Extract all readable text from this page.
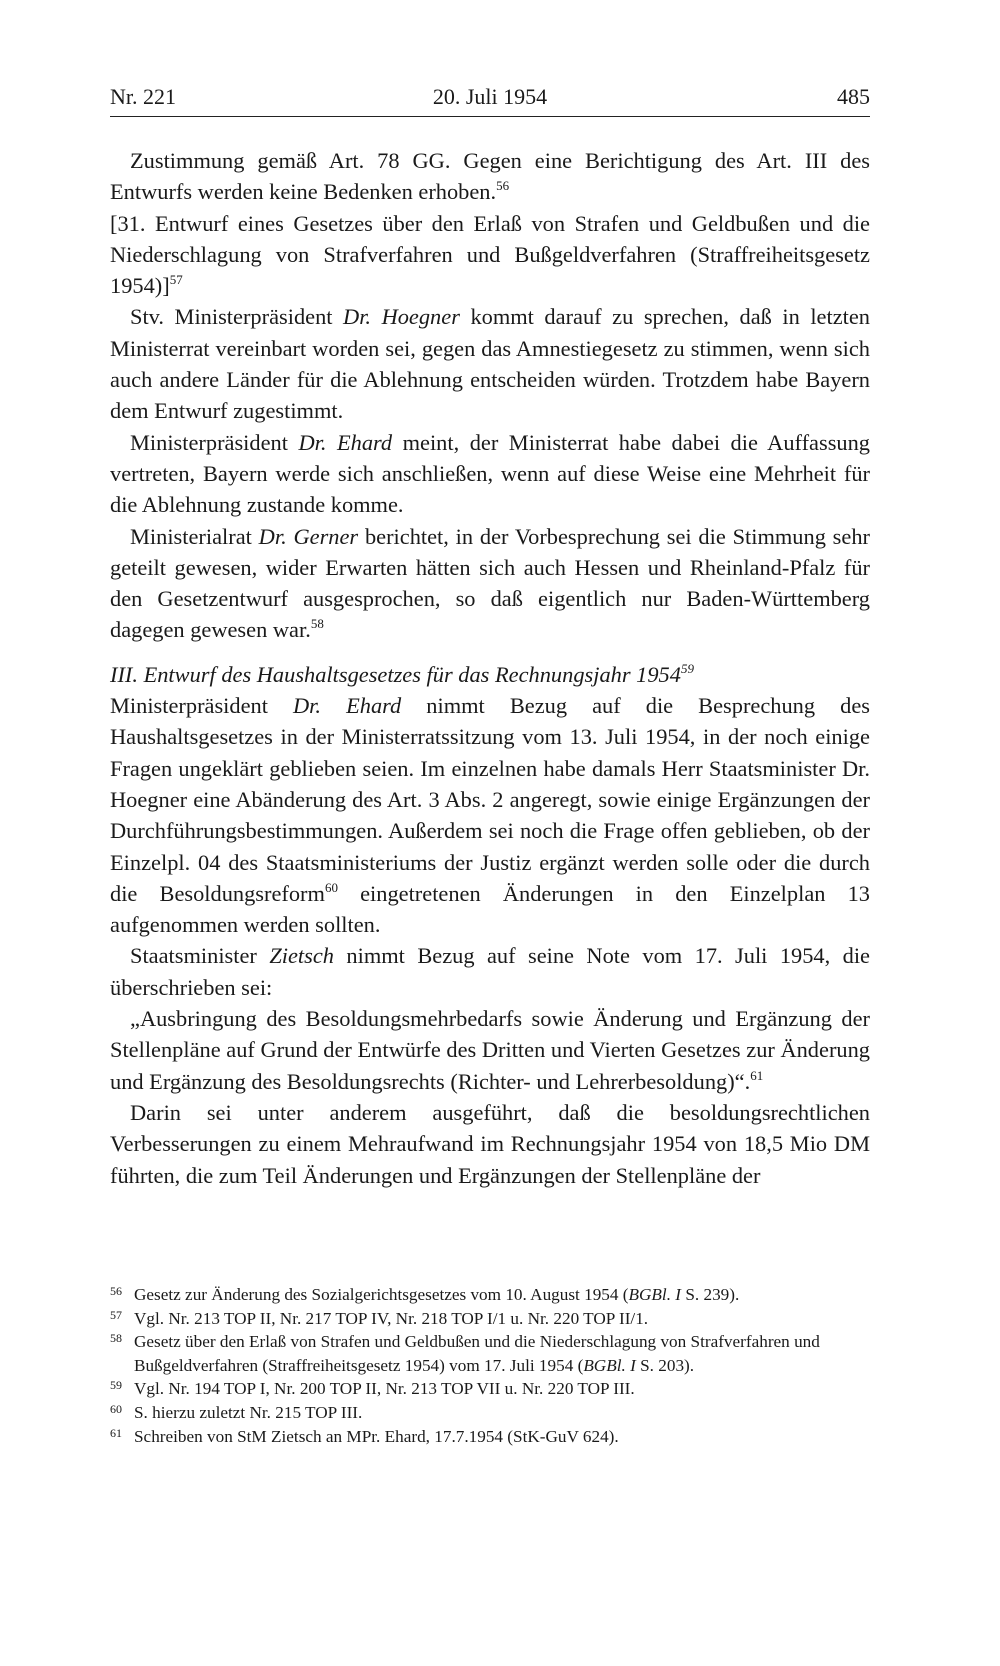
Nr. 221	20. Juli 1954	485

Zustimmung gemäß Art. 78 GG. Gegen eine Berichtigung des Art. III des Entwurfs werden keine Bedenken erhoben.$^{56}$

[31. Entwurf eines Gesetzes über den Erlaß von Strafen und Geldbußen und die Niederschlagung von Strafverfahren und Bußgeldverfahren (Straffreiheitsgesetz 1954)]$^{57}$

Stv. Ministerpräsident Dr. Hoegner kommt darauf zu sprechen, daß in letzten Ministerrat vereinbart worden sei, gegen das Amnestiegesetz zu stimmen, wenn sich auch andere Länder für die Ablehnung entscheiden würden. Trotzdem habe Bayern dem Entwurf zugestimmt.

Ministerpräsident Dr. Ehard meint, der Ministerrat habe dabei die Auffassung vertreten, Bayern werde sich anschließen, wenn auf diese Weise eine Mehrheit für die Ablehnung zustande komme.

Ministerialrat Dr. Gerner berichtet, in der Vorbesprechung sei die Stimmung sehr geteilt gewesen, wider Erwarten hätten sich auch Hessen und Rheinland-Pfalz für den Gesetzentwurf ausgesprochen, so daß eigentlich nur Baden-Württemberg dagegen gewesen war.$^{58}$

III. Entwurf des Haushaltsgesetzes für das Rechnungsjahr 1954$^{59}$

Ministerpräsident Dr. Ehard nimmt Bezug auf die Besprechung des Haushaltsgesetzes in der Ministerratssitzung vom 13. Juli 1954, in der noch einige Fragen ungeklärt geblieben seien. Im einzelnen habe damals Herr Staatsminister Dr. Hoegner eine Abänderung des Art. 3 Abs. 2 angeregt, sowie einige Ergänzungen der Durchführungsbestimmungen. Außerdem sei noch die Frage offen geblieben, ob der Einzelpl. 04 des Staatsministeriums der Justiz ergänzt werden solle oder die durch die Besoldungsreform$^{60}$ eingetretenen Änderungen in den Einzelplan 13 aufgenommen werden sollten.

Staatsminister Zietsch nimmt Bezug auf seine Note vom 17. Juli 1954, die überschrieben sei:

„Ausbringung des Besoldungsmehrbedarfs sowie Änderung und Ergänzung der Stellenpläne auf Grund der Entwürfe des Dritten und Vierten Gesetzes zur Änderung und Ergänzung des Besoldungsrechts (Richter- und Lehrerbesoldung)“.$^{61}$

Darin sei unter anderem ausgeführt, daß die besoldungsrechtlichen Verbesserungen zu einem Mehraufwand im Rechnungsjahr 1954 von 18,5 Mio DM führten, die zum Teil Änderungen und Ergänzungen der Stellenpläne der

56 Gesetz zur Änderung des Sozialgerichtsgesetzes vom 10. August 1954 (BGBl. I S. 239).
57 Vgl. Nr. 213 TOP II, Nr. 217 TOP IV, Nr. 218 TOP I/1 u. Nr. 220 TOP II/1.
58 Gesetz über den Erlaß von Strafen und Geldbußen und die Niederschlagung von Strafverfahren und Bußgeldverfahren (Straffreiheitsgesetz 1954) vom 17. Juli 1954 (BGBl. I S. 203).
59 Vgl. Nr. 194 TOP I, Nr. 200 TOP II, Nr. 213 TOP VII u. Nr. 220 TOP III.
60 S. hierzu zuletzt Nr. 215 TOP III.
61 Schreiben von StM Zietsch an MPr. Ehard, 17.7.1954 (StK-GuV 624).
